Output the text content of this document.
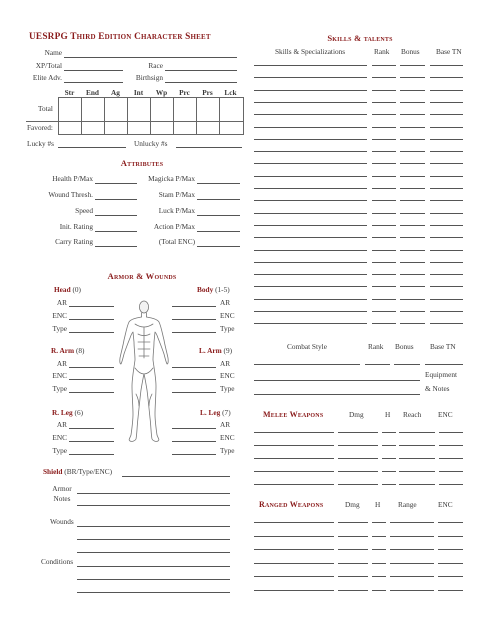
UESRPG Third Edition Character Sheet
Name
XP/Total	Race
Elite Adv.	Birthsign
Str	End	Ag	Int	Wp	Prc	Prs	Lck
Total
Favored:
Lucky #s	Unlucky #s
Attributes
Health P/Max	Magicka P/Max
Wound Thresh.	Stam P/Max
Speed	Luck P/Max
Init. Rating	Action P/Max
Carry Rating	(Total ENC)
Armor & Wounds
Head (0)
AR
ENC
Type
Body (1-5)
AR
ENC
Type
R. Arm (8)
AR
ENC
Type
L. Arm (9)
AR
ENC
Type
R. Leg (6)
AR
ENC
Type
L. Leg (7)
AR
ENC
Type
Shield (BR/Type/ENC)
Armor Notes
Wounds
Conditions
Skills & talents
Skills & Specializations	Rank Bonus Base TN
Combat Style	Rank Bonus Base TN
Equipment
& Notes
Melee Weapons	Dmg	H Reach ENC
Ranged Weapons	Dmg H Range	ENC
